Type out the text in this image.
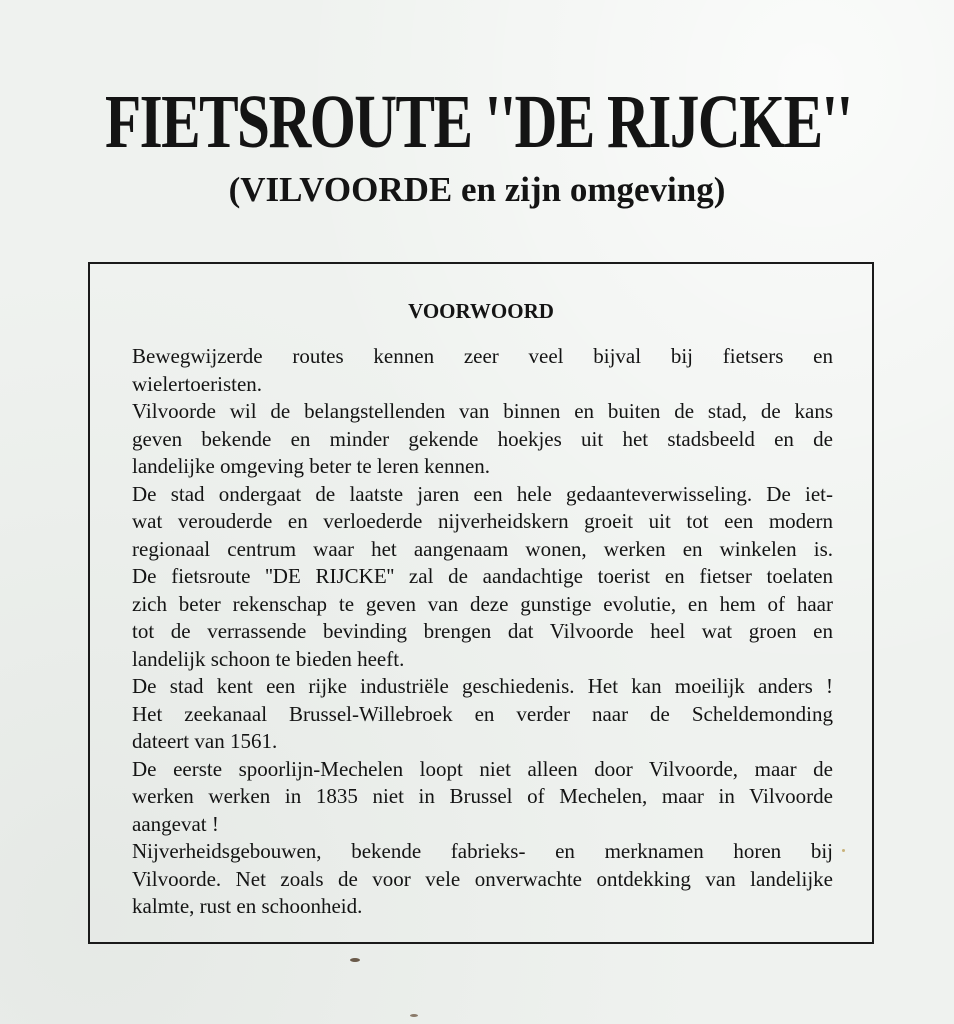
FIETSROUTE ''DE RIJCKE''
(VILVOORDE en zijn omgeving)
VOORWOORD
Bewegwijzerde routes kennen zeer veel bijval bij fietsers en
wielertoeristen.
Vilvoorde wil de belangstellenden van binnen en buiten de stad, de kans
geven bekende en minder gekende hoekjes uit het stadsbeeld en de
landelijke omgeving beter te leren kennen.
De stad ondergaat de laatste jaren een hele gedaanteverwisseling. De iet-
wat verouderde en verloederde nijverheidskern groeit uit tot een modern
regionaal centrum waar het aangenaam wonen, werken en winkelen is.
De fietsroute ''DE RIJCKE'' zal de aandachtige toerist en fietser toelaten
zich beter rekenschap te geven van deze gunstige evolutie, en hem of haar
tot de verrassende bevinding brengen dat Vilvoorde heel wat groen en
landelijk schoon te bieden heeft.
De stad kent een rijke industriële geschiedenis. Het kan moeilijk anders !
Het zeekanaal Brussel-Willebroek en verder naar de Scheldemonding
dateert van 1561.
De eerste spoorlijn-Mechelen loopt niet alleen door Vilvoorde, maar de
werken werken in 1835 niet in Brussel of Mechelen, maar in Vilvoorde
aangevat !
Nijverheidsgebouwen, bekende fabrieks- en merknamen horen bij
Vilvoorde. Net zoals de voor vele onverwachte ontdekking van landelijke
kalmte, rust en schoonheid.
